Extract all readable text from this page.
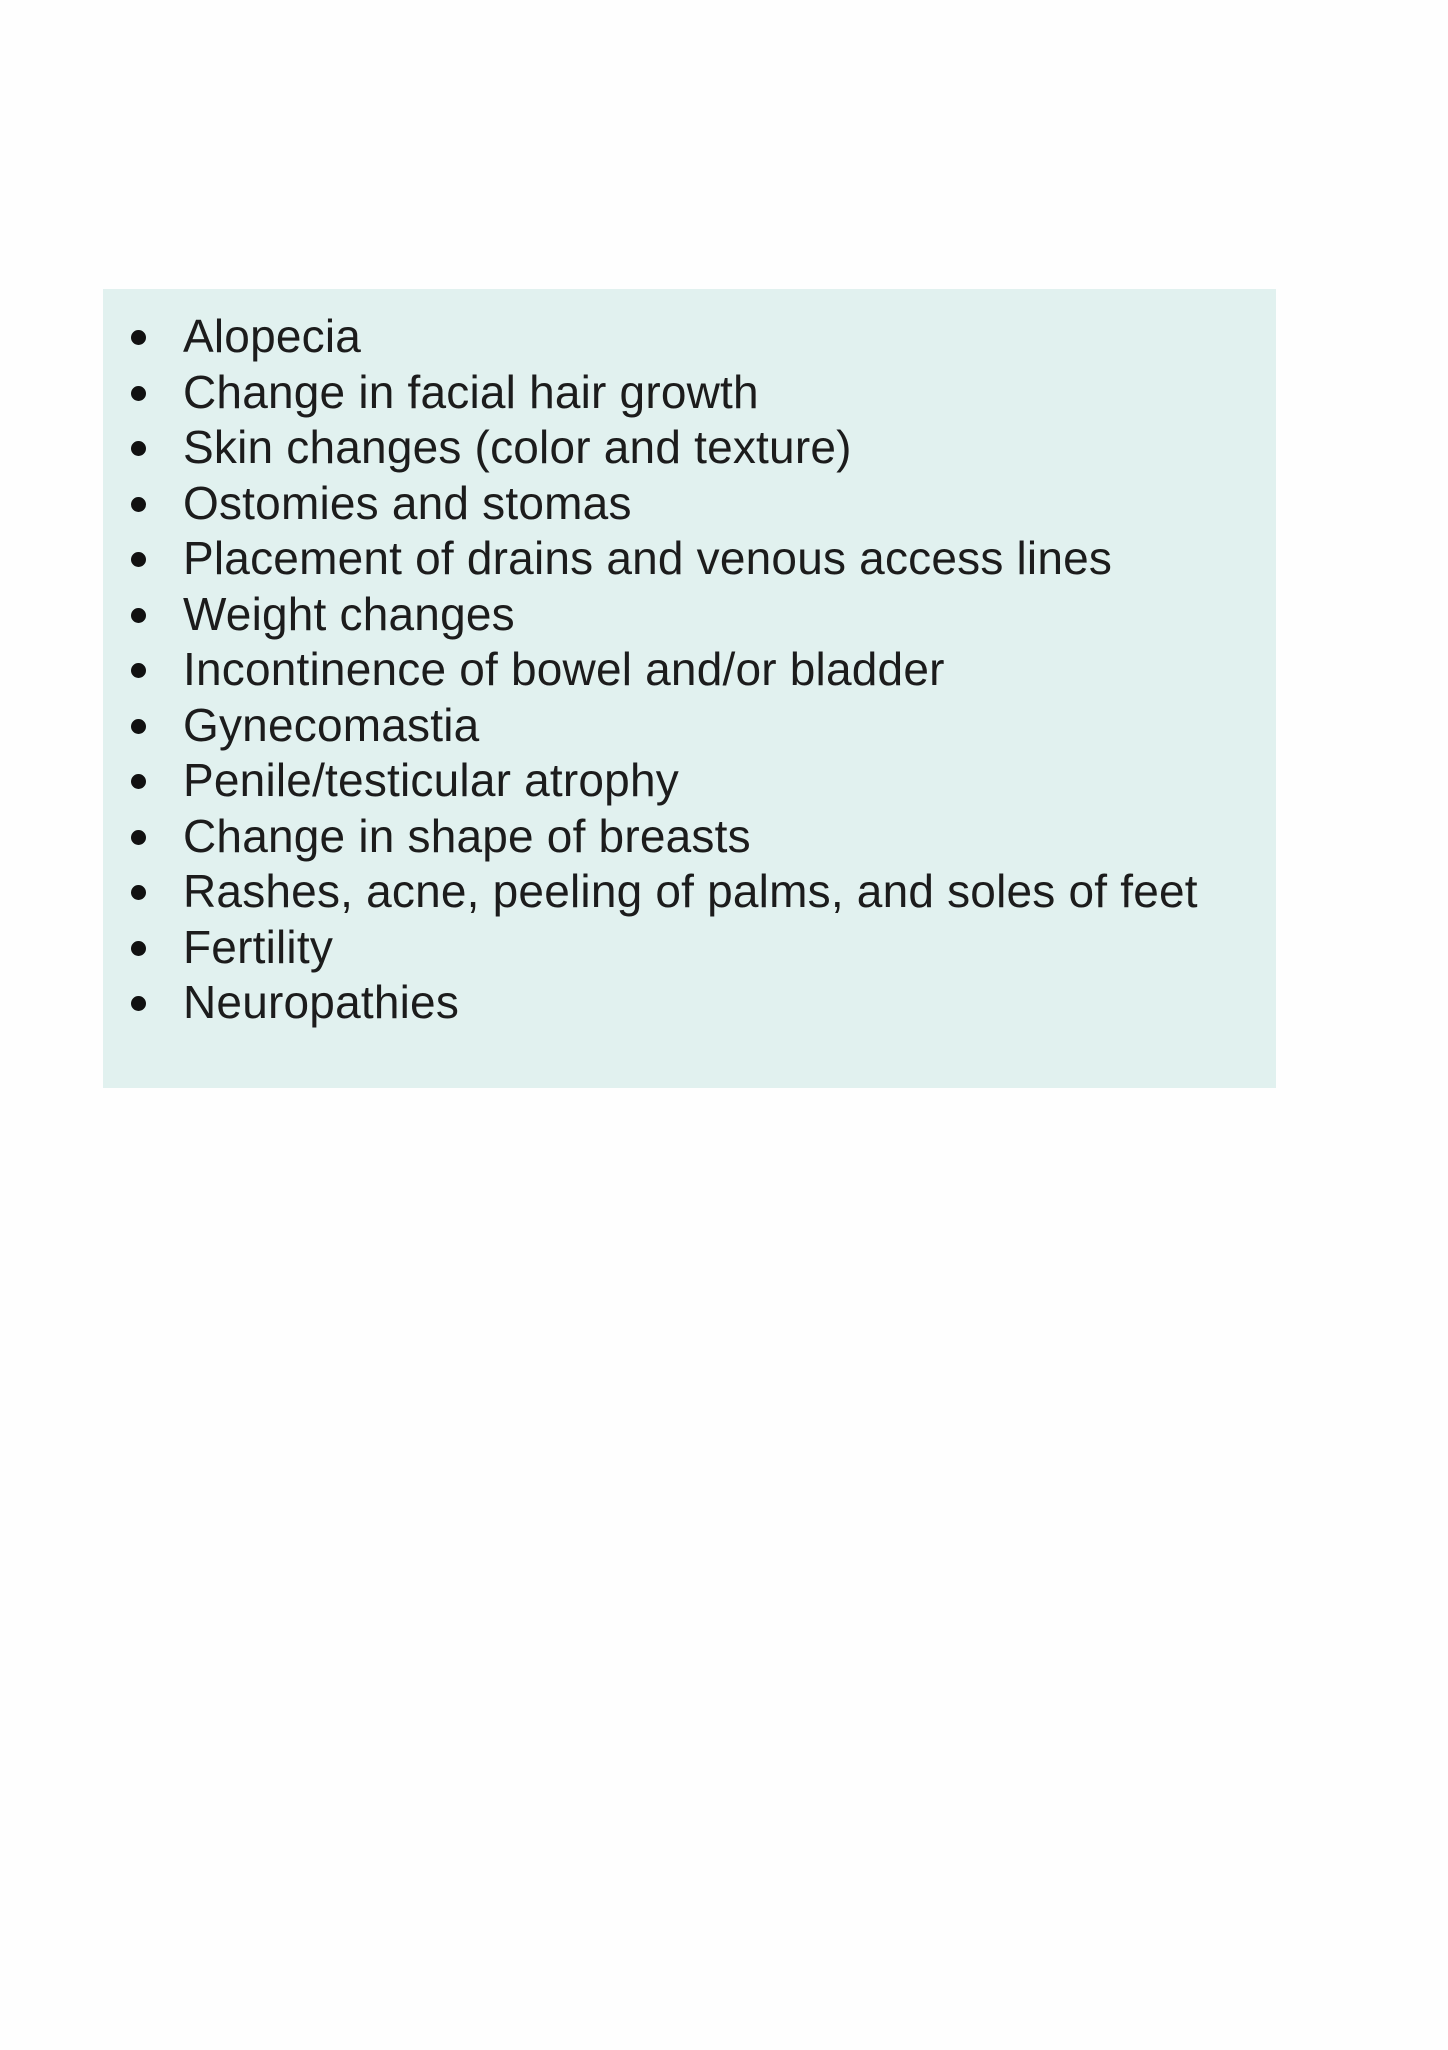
Alopecia
Change in facial hair growth
Skin changes (color and texture)
Ostomies and stomas
Placement of drains and venous access lines
Weight changes
Incontinence of bowel and/or bladder
Gynecomastia
Penile/testicular atrophy
Change in shape of breasts
Rashes, acne, peeling of palms, and soles of feet
Fertility
Neuropathies
